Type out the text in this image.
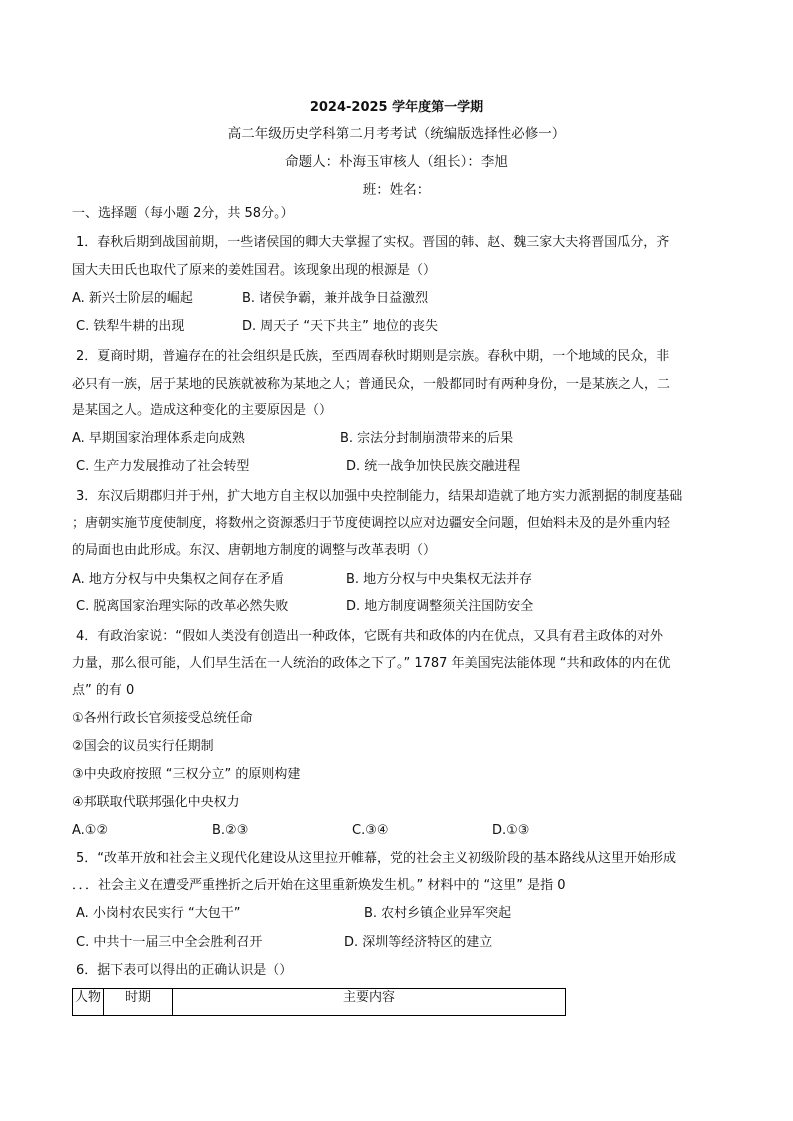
2024-2025 学年度第一学期
高二年级历史学科第二月考考试（统编版选择性必修一）
命题人：朴海玉审核人（组长）：李旭
班：姓名：
一、选择题（每小题 2分，共 58分。）
1．春秋后期到战国前期，一些诸侯国的卿大夫掌握了实权。晋国的韩、赵、魏三家大夫将晋国瓜分，齐
国大夫田氏也取代了原来的姜姓国君。该现象出现的根源是（）
A. 新兴士阶层的崛起	B. 诸侯争霸，兼并战争日益激烈
C. 铁犁牛耕的出现	D. 周天子 “天下共主” 地位的丧失
2．夏商时期，普遍存在的社会组织是氏族，至西周春秋时期则是宗族。春秋中期，一个地域的民众，非
必只有一族，居于某地的民族就被称为某地之人；普通民众，一般都同时有两种身份，一是某族之人，二
是某国之人。造成这种变化的主要原因是（）
A. 早期国家治理体系走向成熟	B. 宗法分封制崩溃带来的后果
C. 生产力发展推动了社会转型	D. 统一战争加快民族交融进程
3．东汉后期郡归并于州，扩大地方自主权以加强中央控制能力，结果却造就了地方实力派割据的制度基础
；唐朝实施节度使制度，将数州之资源悉归于节度使调控以应对边疆安全问题，但始料未及的是外重内轻
的局面也由此形成。东汉、唐朝地方制度的调整与改革表明（）
A. 地方分权与中央集权之间存在矛盾	B. 地方分权与中央集权无法并存
C. 脱离国家治理实际的改革必然失败	D. 地方制度调整须关注国防安全
4．有政治家说：“假如人类没有创造出一种政体，它既有共和政体的内在优点，又具有君主政体的对外
力量，那么很可能，人们早生活在一人统治的政体之下了。” 1787 年美国宪法能体现 “共和政体的内在优
点” 的有 0
①各州行政长官须接受总统任命
②国会的议员实行任期制
③中央政府按照 “三权分立” 的原则构建
④邦联取代联邦强化中央权力
A.①②	B.②③	C.③④	D.①③
5．“改革开放和社会主义现代化建设从这里拉开帷幕，党的社会主义初级阶段的基本路线从这里开始形成
．．．社会主义在遭受严重挫折之后开始在这里重新焕发生机。” 材料中的 “这里” 是指 0
A. 小岗村农民实行 “大包干”	B. 农村乡镇企业异军突起
C. 中共十一届三中全会胜利召开	D. 深圳等经济特区的建立
6．据下表可以得出的正确认识是（）
人物	时期	主要内容
